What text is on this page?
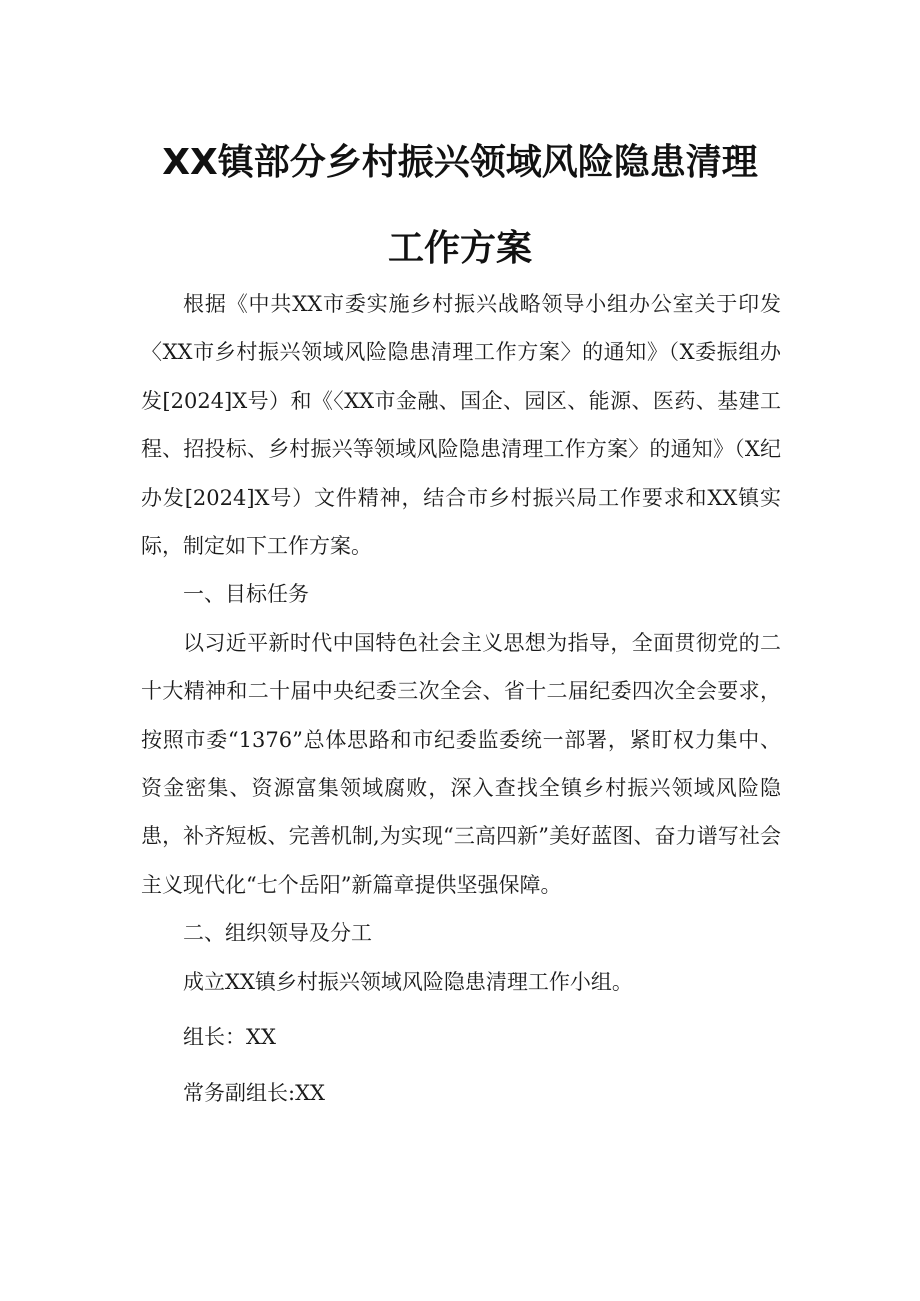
XX镇部分乡村振兴领域风险隐患清理
工作方案

根据《中共XX市委实施乡村振兴战略领导小组办公室关于印发〈XX市乡村振兴领域风险隐患清理工作方案〉的通知》（X委振组办发[2024]X号）和《〈XX市金融、国企、园区、能源、医药、基建工程、招投标、乡村振兴等领域风险隐患清理工作方案〉的通知》（X纪办发[2024]X号）文件精神，结合市乡村振兴局工作要求和XX镇实际，制定如下工作方案。

一、目标任务

以习近平新时代中国特色社会主义思想为指导，全面贯彻党的二十大精神和二十届中央纪委三次全会、省十二届纪委四次全会要求，按照市委“1376”总体思路和市纪委监委统一部署，紧盯权力集中、资金密集、资源富集领域腐败，深入查找全镇乡村振兴领域风险隐患，补齐短板、完善机制,为实现“三高四新”美好蓝图、奋力谱写社会主义现代化“七个岳阳”新篇章提供坚强保障。

二、组织领导及分工

成立XX镇乡村振兴领域风险隐患清理工作小组。

组长：XX

常务副组长:XX
